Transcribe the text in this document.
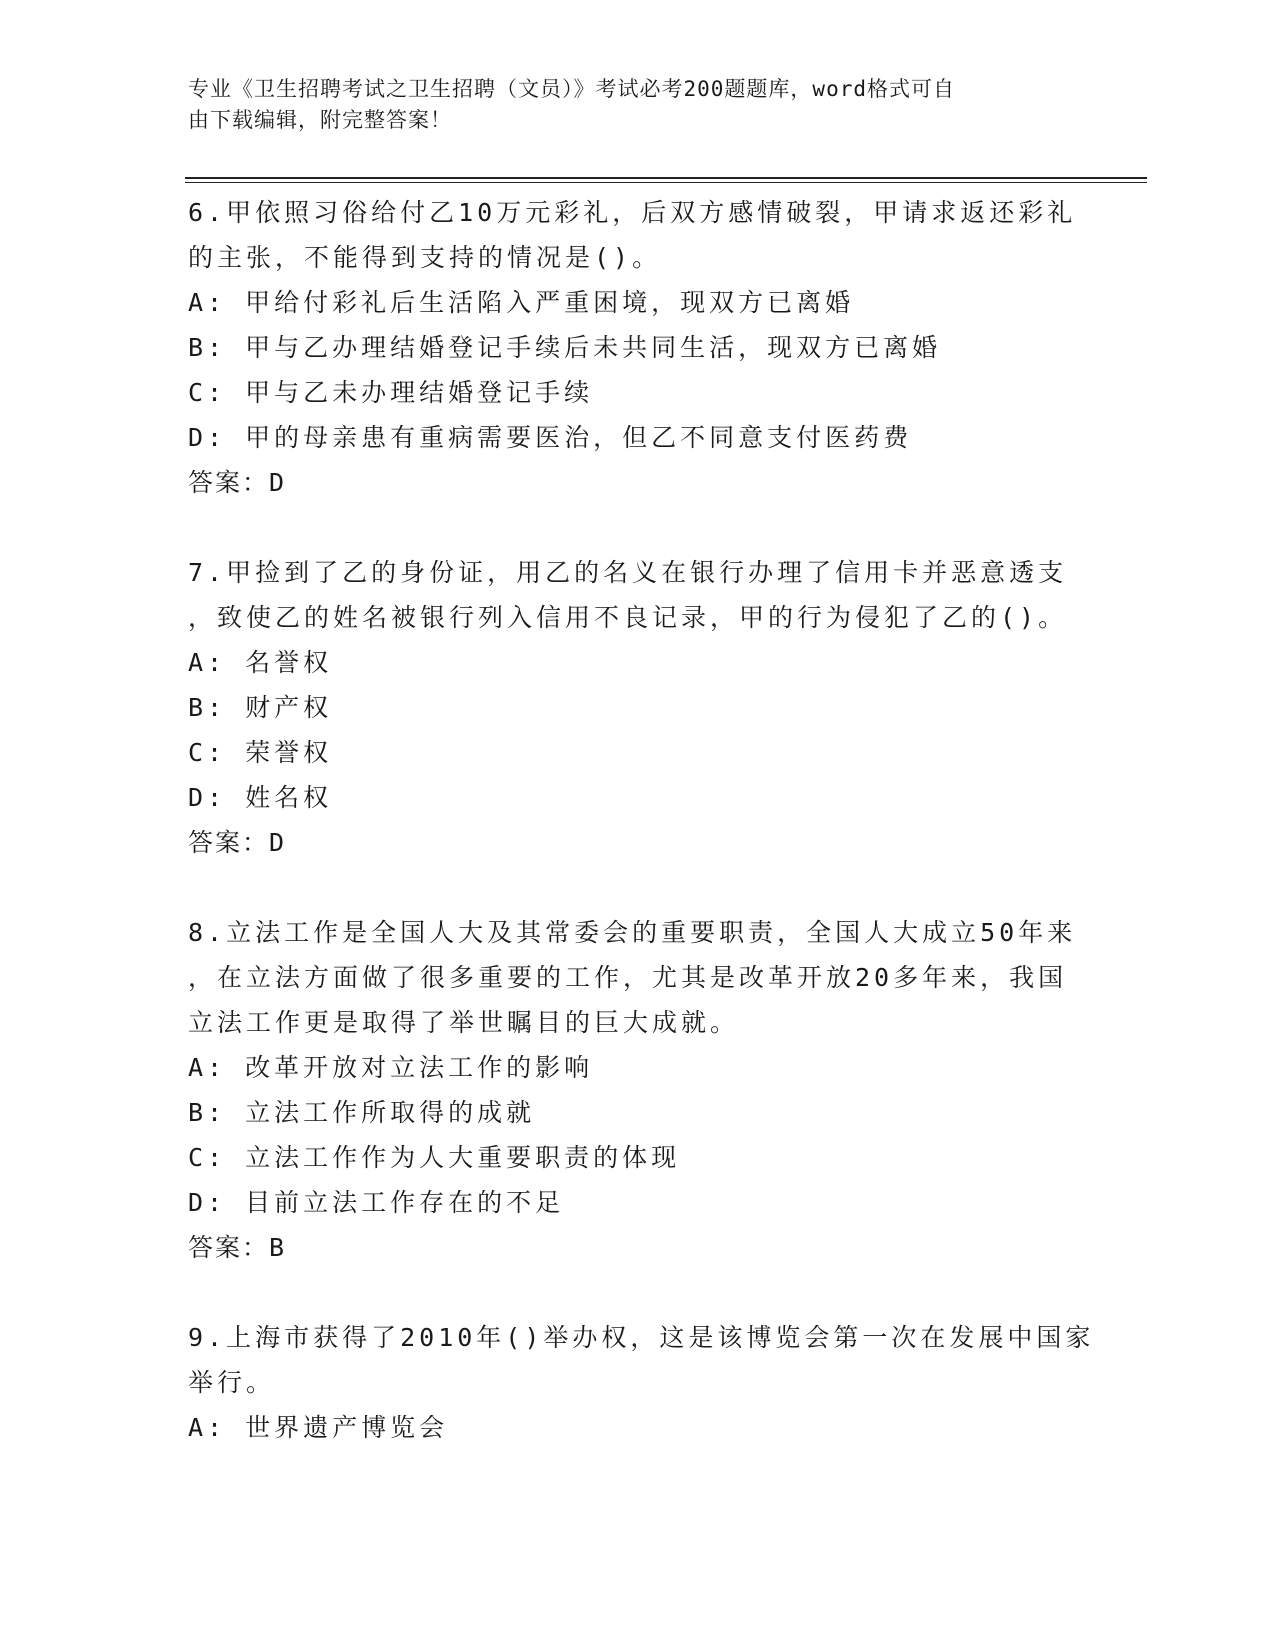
专业《卫生招聘考试之卫生招聘（文员）》考试必考200题题库，word格式可自
由下载编辑，附完整答案！
6.甲依照习俗给付乙10万元彩礼，后双方感情破裂，甲请求返还彩礼
的主张，不能得到支持的情况是()。
A: 甲给付彩礼后生活陷入严重困境，现双方已离婚
B: 甲与乙办理结婚登记手续后未共同生活，现双方已离婚
C: 甲与乙未办理结婚登记手续
D: 甲的母亲患有重病需要医治，但乙不同意支付医药费
答案：D
7.甲捡到了乙的身份证，用乙的名义在银行办理了信用卡并恶意透支
，致使乙的姓名被银行列入信用不良记录，甲的行为侵犯了乙的()。
A: 名誉权
B: 财产权
C: 荣誉权
D: 姓名权
答案：D
8.立法工作是全国人大及其常委会的重要职责，全国人大成立50年来
，在立法方面做了很多重要的工作，尤其是改革开放20多年来，我国
立法工作更是取得了举世瞩目的巨大成就。
A: 改革开放对立法工作的影响
B: 立法工作所取得的成就
C: 立法工作作为人大重要职责的体现
D: 目前立法工作存在的不足
答案：B
9.上海市获得了2010年()举办权，这是该博览会第一次在发展中国家
举行。
A: 世界遗产博览会
